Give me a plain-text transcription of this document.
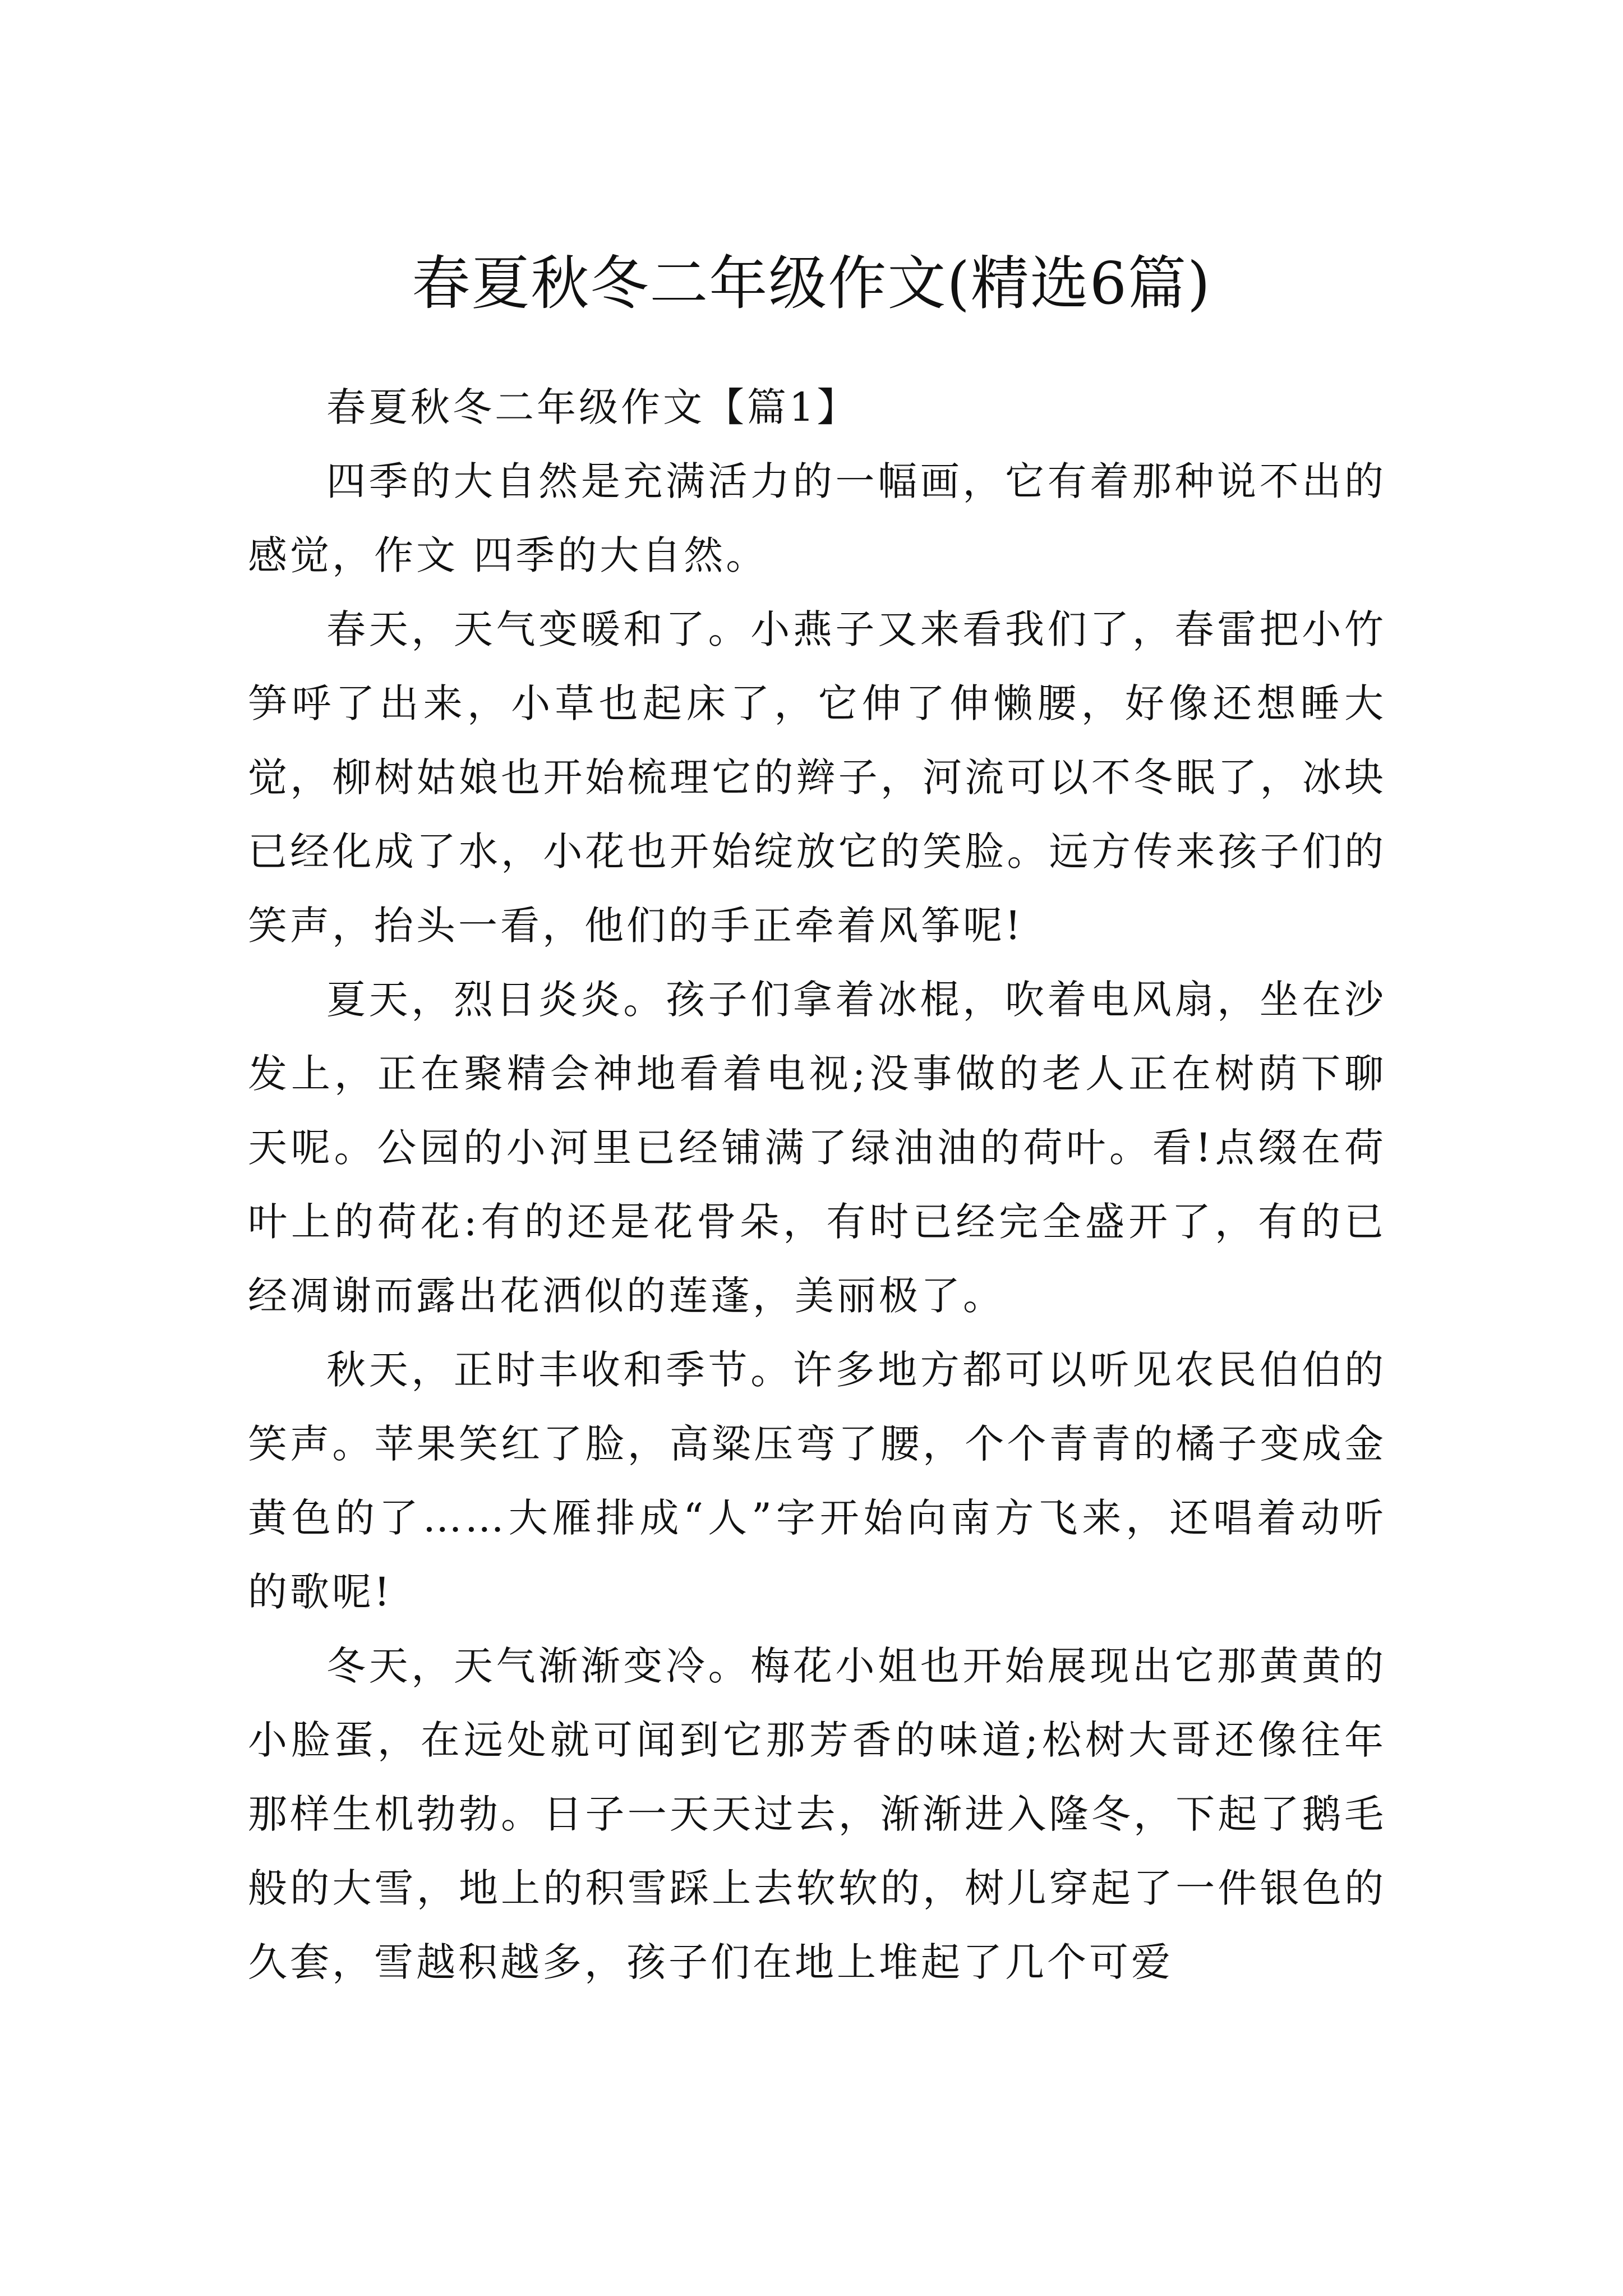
春夏秋冬二年级作文(精选6篇)

春夏秋冬二年级作文【篇1】

四季的大自然是充满活力的一幅画，它有着那种说不出的感觉，作文 四季的大自然。

春天，天气变暖和了。小燕子又来看我们了，春雷把小竹笋呼了出来，小草也起床了，它伸了伸懒腰，好像还想睡大觉，柳树姑娘也开始梳理它的辫子，河流可以不冬眠了，冰块已经化成了水，小花也开始绽放它的笑脸。远方传来孩子们的笑声，抬头一看，他们的手正牵着风筝呢!

夏天，烈日炎炎。孩子们拿着冰棍，吹着电风扇，坐在沙发上，正在聚精会神地看着电视;没事做的老人正在树荫下聊天呢。公园的小河里已经铺满了绿油油的荷叶。看!点缀在荷叶上的荷花:有的还是花骨朵，有时已经完全盛开了，有的已经凋谢而露出花洒似的莲蓬，美丽极了。

秋天，正时丰收和季节。许多地方都可以听见农民伯伯的笑声。苹果笑红了脸，高粱压弯了腰，个个青青的橘子变成金黄色的了……大雁排成“人”字开始向南方飞来，还唱着动听的歌呢!

冬天，天气渐渐变冷。梅花小姐也开始展现出它那黄黄的小脸蛋，在远处就可闻到它那芳香的味道;松树大哥还像往年那样生机勃勃。日子一天天过去，渐渐进入隆冬，下起了鹅毛般的大雪，地上的积雪踩上去软软的，树儿穿起了一件银色的久套，雪越积越多，孩子们在地上堆起了几个可爱
